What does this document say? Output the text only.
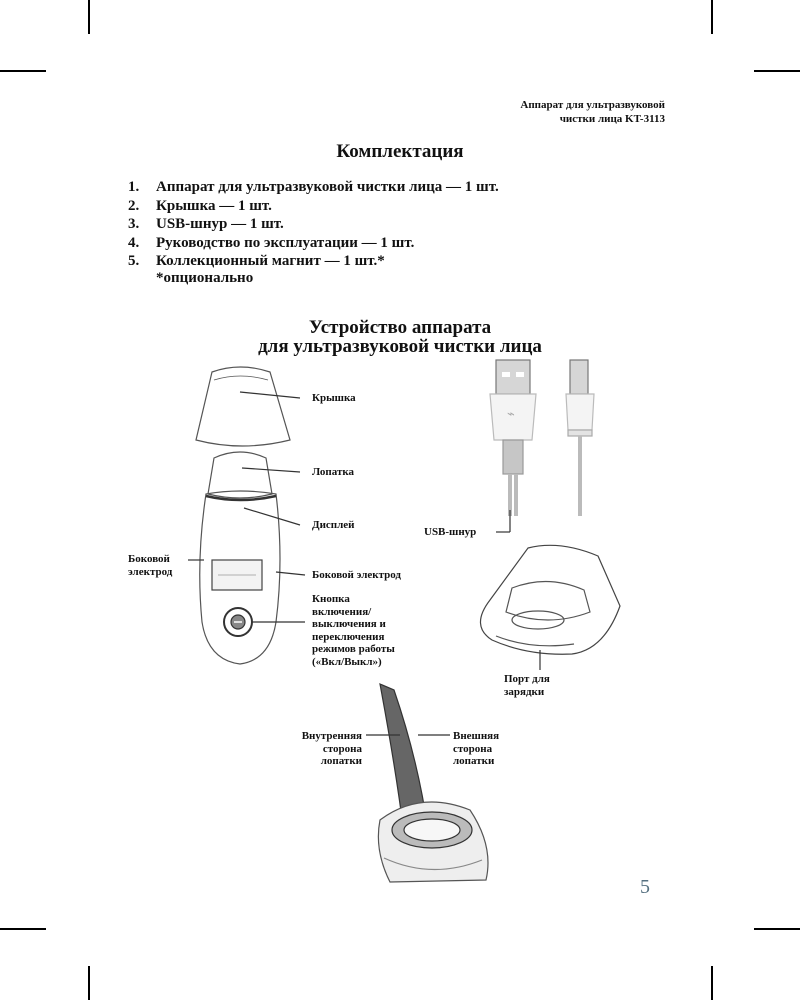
Аппарат для ультразвуковой
чистки лица KT-3113
Комплектация
1.	Аппарат для ультразвуковой чистки лица — 1 шт.
2.	Крышка — 1 шт.
3.	USB-шнур — 1 шт.
4.	Руководство по эксплуатации — 1 шт.
5.	Коллекционный магнит — 1 шт.*
*опционально
Устройство аппарата
для ультразвуковой чистки лица
⌁
Крышка
Лопатка
Дисплей
Боковой
электрод	Боковой электрод
Кнопка
включения/
выключения и
переключения
режимов работы
(«Вкл/Выкл»)
USB-шнур
Порт для
зарядки
Внутренняя
сторона
лопатки
Внешняя
сторона
лопатки
5
